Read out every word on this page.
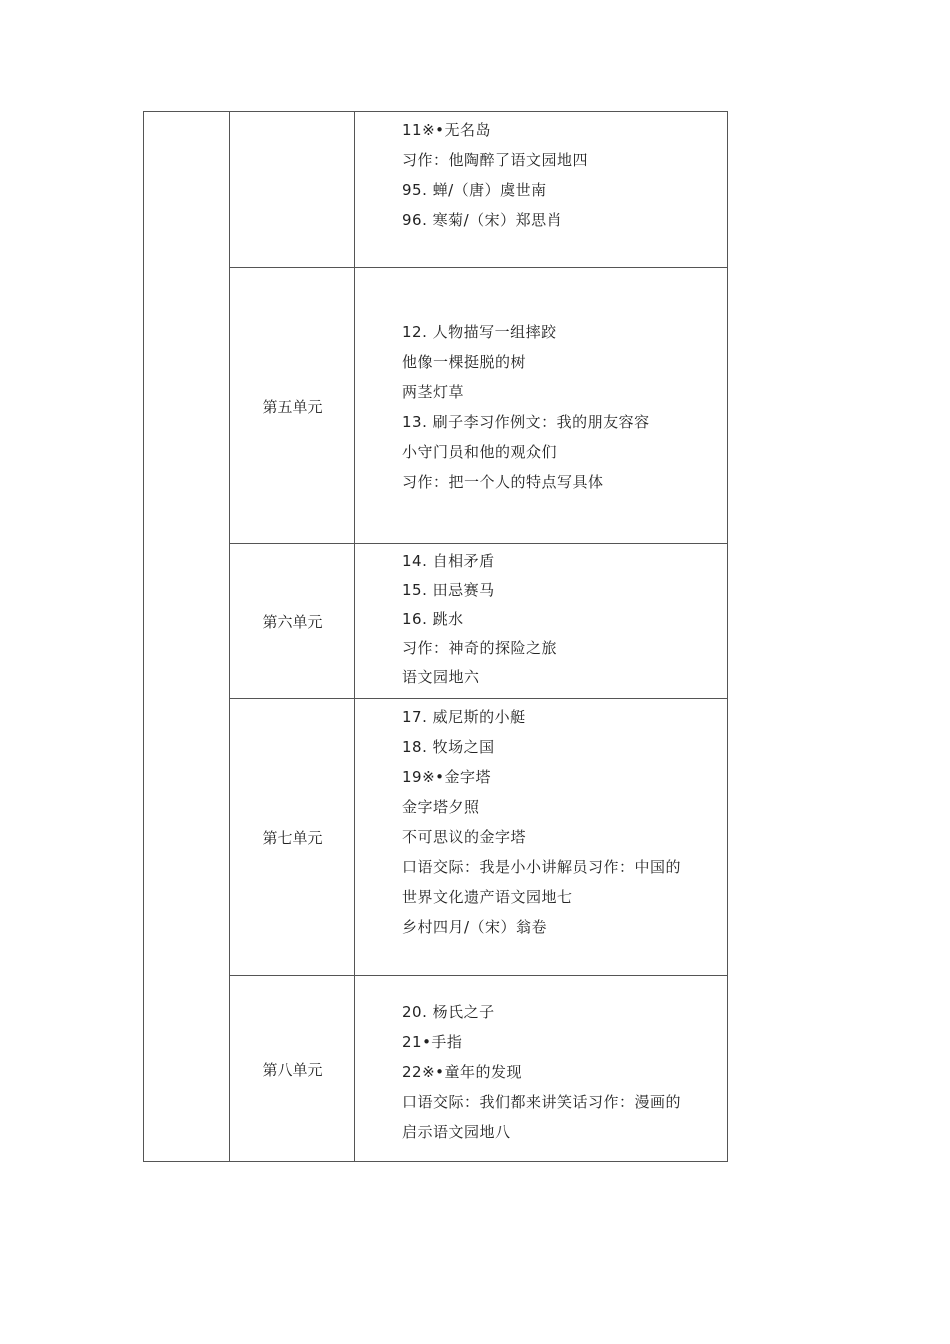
11※•无名岛
习作：他陶醉了语文园地四
95. 蝉/（唐）虞世南
96. 寒菊/（宋）郑思肖
第五单元
12. 人物描写一组摔跤
他像一棵挺脱的树
两茎灯草
13. 刷子李习作例文：我的朋友容容
小守门员和他的观众们
习作：把一个人的特点写具体
第六单元
14. 自相矛盾
15. 田忌赛马
16. 跳水
习作：神奇的探险之旅
语文园地六
第七单元
17. 威尼斯的小艇
18. 牧场之国
19※•金字塔
金字塔夕照
不可思议的金字塔
口语交际：我是小小讲解员习作：中国的
世界文化遗产语文园地七
乡村四月/（宋）翁卷
第八单元
20. 杨氏之子
21•手指
22※•童年的发现
口语交际：我们都来讲笑话习作：漫画的
启示语文园地八
